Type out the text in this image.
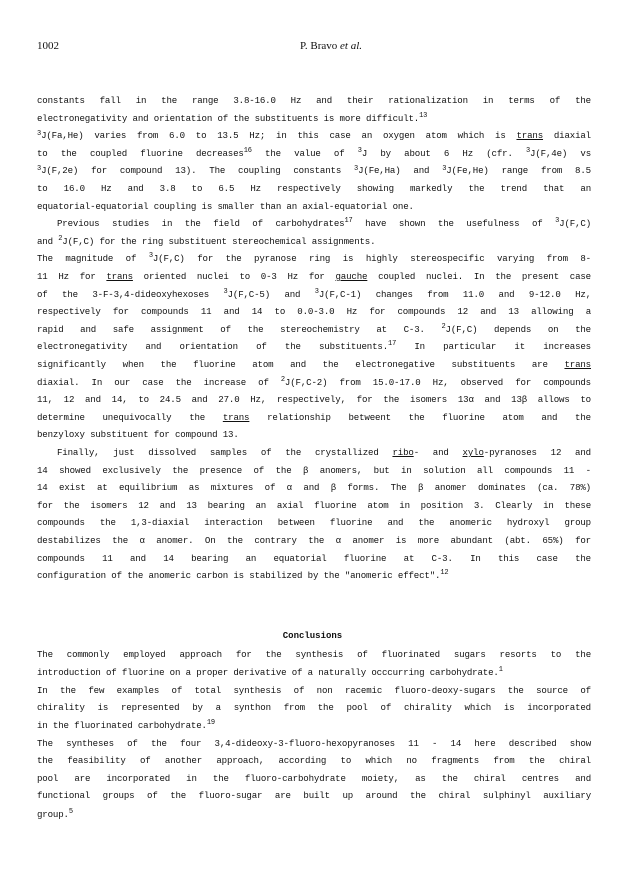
1002	P. Bravo et al.
constants fall in the range 3.8-16.0 Hz and their rationalization in terms of the
electronegativity and orientation of the substituents is more difficult.$^{13}$
$^3$J(Fa,He) varies from 6.0 to 13.5 Hz; in this case an oxygen atom which is trans diaxial
to the coupled fluorine decreases$^{16}$ the value of $^3$J by about 6 Hz (cfr. $^3$J(F,4e) vs
$^3$J(F,2e) for compound 13). The coupling constants $^3$J(Fe,Ha) and $^3$J(Fe,He) range from 8.5
to 16.0 Hz and 3.8 to 6.5 Hz respectively showing markedly the trend that an
equatorial-equatorial coupling is smaller than an axial-equatorial one.
Previous studies in the field of carbohydrates$^{17}$ have shown the usefulness of $^3$J(F,C)
and $^2$J(F,C) for the ring substituent stereochemical assignments.
The magnitude of $^3$J(F,C) for the pyranose ring is highly stereospecific varying from 8-
11 Hz for trans oriented nuclei to 0-3 Hz for gauche coupled nuclei. In the present case
of the 3-F-3,4-dideoxyhexoses $^3$J(F,C-5) and $^3$J(F,C-1) changes from 11.0 and 9-12.0 Hz,
respectively for compounds 11 and 14 to 0.0-3.0 Hz for compounds 12 and 13 allowing a
rapid and safe assignment of the stereochemistry at C-3. $^2$J(F,C) depends on the
electronegativity and orientation of the substituents.$^{17}$ In particular it increases
significantly when the fluorine atom and the electronegative substituents are trans
diaxial. In our case the increase of $^2$J(F,C-2) from 15.0-17.0 Hz, observed for compounds
11, 12 and 14, to 24.5 and 27.0 Hz, respectively, for the isomers 13α and 13β allows to
determine unequivocally the trans relationship betweent the fluorine atom and the
benzyloxy substituent for compound 13.
Finally, just dissolved samples of the crystallized ribo- and xylo-pyranoses 12 and
14 showed exclusively the presence of the β anomers, but in solution all compounds 11 -
14 exist at equilibrium as mixtures of α and β forms. The β anomer dominates (ca. 78%)
for the isomers 12 and 13 bearing an axial fluorine atom in position 3. Clearly in these
compounds the 1,3-diaxial interaction between fluorine and the anomeric hydroxyl group
destabilizes the α anomer. On the contrary the α anomer is more abundant (abt. 65%) for
compounds 11 and 14 bearing an equatorial fluorine at C-3. In this case the
configuration of the anomeric carbon is stabilized by the "anomeric effect".$^{12}$
Conclusions
The commonly employed approach for the synthesis of fluorinated sugars resorts to the
introduction of fluorine on a proper derivative of a naturally occcurring carbohydrate.$^1$
In the few examples of total synthesis of non racemic fluoro-deoxy-sugars the source of
chirality is represented by a synthon from the pool of chirality which is incorporated
in the fluorinated carbohydrate.$^{19}$
The syntheses of the four 3,4-dideoxy-3-fluoro-hexopyranoses 11 - 14 here described show
the feasibility of another approach, according to which no fragments from the chiral
pool are incorporated in the fluoro-carbohydrate moiety, as the chiral centres and
functional groups of the fluoro-sugar are built up around the chiral sulphinyl auxiliary
group.$^5$
